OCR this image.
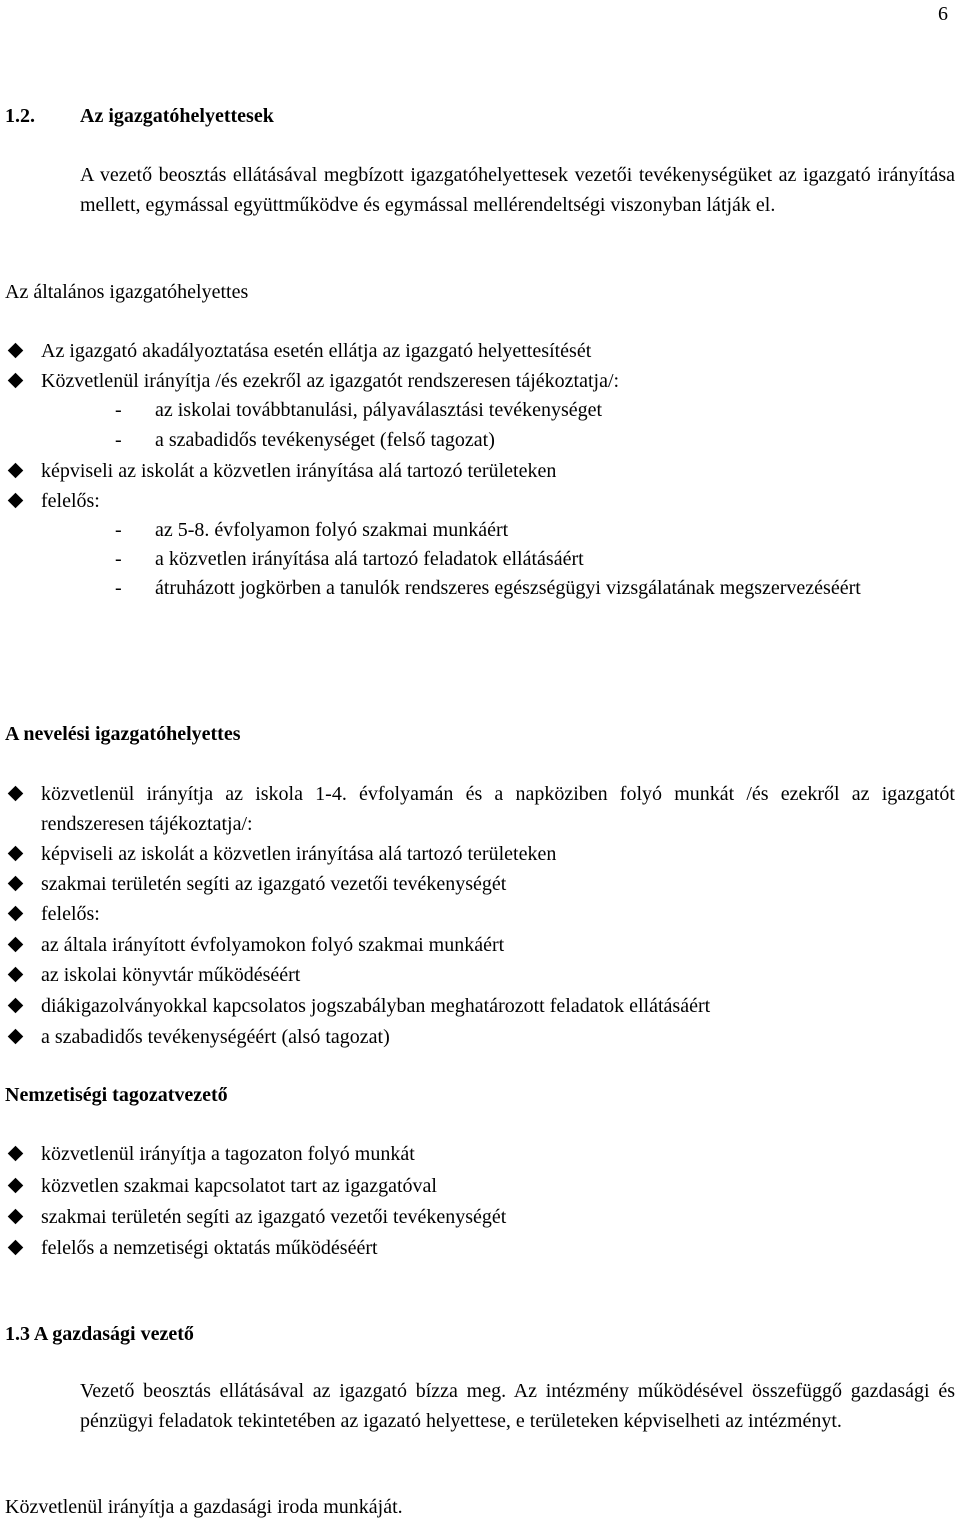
6
1.2. Az igazgatóhelyettesek
A vezető beosztás ellátásával megbízott igazgatóhelyettesek vezetői tevékenységüket az igazgató irányítása mellett, egymással együttműködve és egymással mellérendeltségi viszonyban látják el.
Az általános igazgatóhelyettes
Az igazgató akadályoztatása esetén ellátja az igazgató helyettesítését
Közvetlenül irányítja /és ezekről az igazgatót rendszeresen tájékoztatja/:
- az iskolai továbbtanulási, pályaválasztási tevékenységet
- a szabadidős tevékenységet (felső tagozat)
képviseli az iskolát a közvetlen irányítása alá tartozó területeken
felelős:
- az 5-8. évfolyamon folyó szakmai munkáért
- a közvetlen irányítása alá tartozó feladatok ellátásáért
- átruházott jogkörben a tanulók rendszeres egészségügyi vizsgálatának megszervezéséért
A nevelési igazgatóhelyettes
közvetlenül irányítja az iskola 1-4. évfolyamán és a napköziben folyó munkát /és ezekről az igazgatót rendszeresen tájékoztatja/:
képviseli az iskolát a közvetlen irányítása alá tartozó területeken
szakmai területén segíti az igazgató vezetői tevékenységét
felelős:
az általa irányított évfolyamokon folyó szakmai munkáért
az iskolai könyvtár működéséért
diákigazolványokkal kapcsolatos jogszabályban meghatározott feladatok ellátásáért
a szabadidős tevékenységéért (alsó tagozat)
Nemzetiségi tagozatvezető
közvetlenül irányítja a tagozaton folyó munkát
közvetlen szakmai kapcsolatot tart az igazgatóval
szakmai területén segíti az igazgató vezetői tevékenységét
felelős a nemzetiségi oktatás működéséért
1.3 A gazdasági vezető
Vezető beosztás ellátásával az igazgató bízza meg. Az intézmény működésével összefüggő gazdasági és pénzügyi feladatok tekintetében az igazató helyettese, e területeken képviselheti az intézményt.
Közvetlenül irányítja a gazdasági iroda munkáját.
